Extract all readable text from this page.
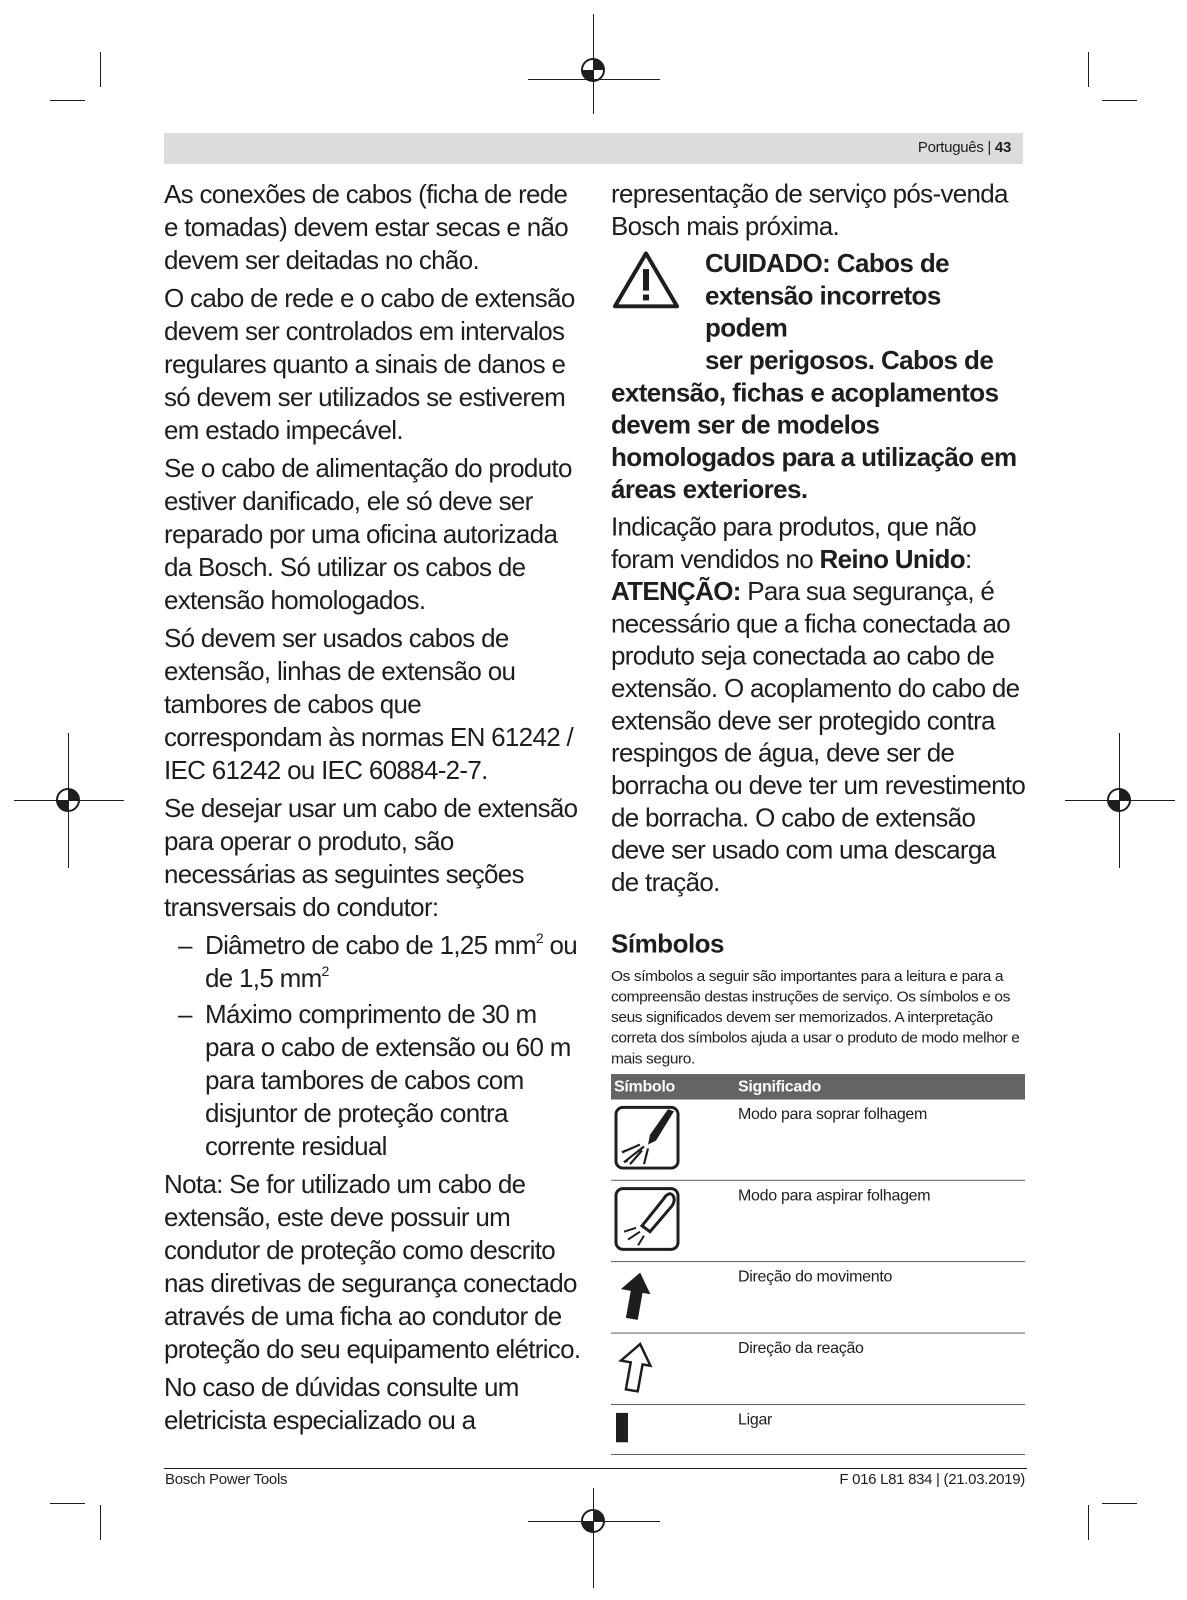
Português | 43

As conexões de cabos (ficha de rede e tomadas) devem estar secas e não devem ser deitadas no chão.

O cabo de rede e o cabo de extensão devem ser controlados em intervalos regulares quanto a sinais de danos e só devem ser utilizados se estiverem em estado impecável.

Se o cabo de alimentação do produto estiver danificado, ele só deve ser reparado por uma oficina autorizada da Bosch. Só utilizar os cabos de extensão homologados.

Só devem ser usados cabos de extensão, linhas de extensão ou tambores de cabos que correspondam às normas EN 61242 / IEC 61242 ou IEC 60884-2-7.

Se desejar usar um cabo de extensão para operar o produto, são necessárias as seguintes seções transversais do condutor:

– Diâmetro de cabo de 1,25 $mm^2$ ou de 1,5 $mm^2$
– Máximo comprimento de 30 m para o cabo de extensão ou 60 m para tambores de cabos com disjuntor de proteção contra corrente residual

Nota: Se for utilizado um cabo de extensão, este deve possuir um condutor de proteção como descrito nas diretivas de segurança conectado através de uma ficha ao condutor de proteção do seu equipamento elétrico.

No caso de dúvidas consulte um eletricista especializado ou a

representação de serviço pós-venda Bosch mais próxima.

CUIDADO: Cabos de
extensão incorretos podem
ser perigosos. Cabos de

extensão, fichas e acoplamentos devem ser de modelos homologados para a utilização em áreas exteriores.

Indicação para produtos, que não foram vendidos no Reino Unido:
ATENÇÃO: Para sua segurança, é necessário que a ficha conectada ao produto seja conectada ao cabo de extensão. O acoplamento do cabo de extensão deve ser protegido contra respingos de água, deve ser de borracha ou deve ter um revestimento de borracha. O cabo de extensão deve ser usado com uma descarga de tração.

Símbolos

Os símbolos a seguir são importantes para a leitura e para a compreensão destas instruções de serviço. Os símbolos e os seus significados devem ser memorizados. A interpretação correta dos símbolos ajuda a usar o produto de modo melhor e mais seguro.

Símbolo	Significado
	Modo para soprar folhagem
	Modo para aspirar folhagem
	Direção do movimento
	Direção da reação
	Ligar
Bosch Power Tools	F 016 L81 834 | (21.03.2019)
